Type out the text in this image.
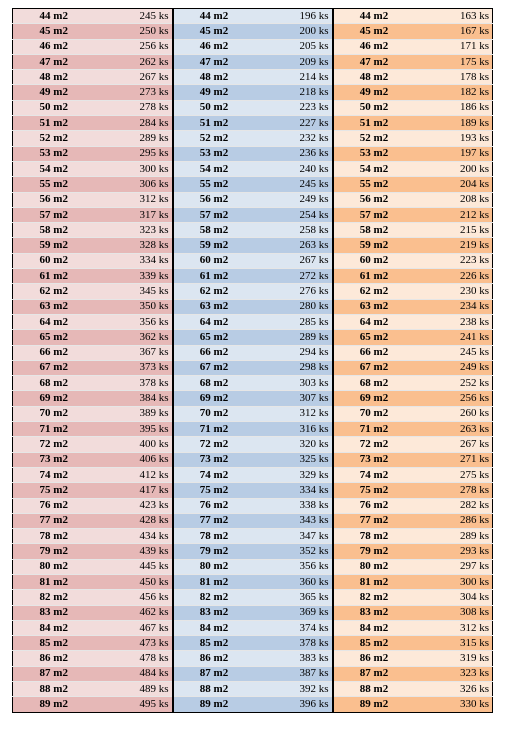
44 m2	245 ks	44 m2	196 ks	44 m2	163 ks
45 m2	250 ks	45 m2	200 ks	45 m2	167 ks
46 m2	256 ks	46 m2	205 ks	46 m2	171 ks
47 m2	262 ks	47 m2	209 ks	47 m2	175 ks
48 m2	267 ks	48 m2	214 ks	48 m2	178 ks
49 m2	273 ks	49 m2	218 ks	49 m2	182 ks
50 m2	278 ks	50 m2	223 ks	50 m2	186 ks
51 m2	284 ks	51 m2	227 ks	51 m2	189 ks
52 m2	289 ks	52 m2	232 ks	52 m2	193 ks
53 m2	295 ks	53 m2	236 ks	53 m2	197 ks
54 m2	300 ks	54 m2	240 ks	54 m2	200 ks
55 m2	306 ks	55 m2	245 ks	55 m2	204 ks
56 m2	312 ks	56 m2	249 ks	56 m2	208 ks
57 m2	317 ks	57 m2	254 ks	57 m2	212 ks
58 m2	323 ks	58 m2	258 ks	58 m2	215 ks
59 m2	328 ks	59 m2	263 ks	59 m2	219 ks
60 m2	334 ks	60 m2	267 ks	60 m2	223 ks
61 m2	339 ks	61 m2	272 ks	61 m2	226 ks
62 m2	345 ks	62 m2	276 ks	62 m2	230 ks
63 m2	350 ks	63 m2	280 ks	63 m2	234 ks
64 m2	356 ks	64 m2	285 ks	64 m2	238 ks
65 m2	362 ks	65 m2	289 ks	65 m2	241 ks
66 m2	367 ks	66 m2	294 ks	66 m2	245 ks
67 m2	373 ks	67 m2	298 ks	67 m2	249 ks
68 m2	378 ks	68 m2	303 ks	68 m2	252 ks
69 m2	384 ks	69 m2	307 ks	69 m2	256 ks
70 m2	389 ks	70 m2	312 ks	70 m2	260 ks
71 m2	395 ks	71 m2	316 ks	71 m2	263 ks
72 m2	400 ks	72 m2	320 ks	72 m2	267 ks
73 m2	406 ks	73 m2	325 ks	73 m2	271 ks
74 m2	412 ks	74 m2	329 ks	74 m2	275 ks
75 m2	417 ks	75 m2	334 ks	75 m2	278 ks
76 m2	423 ks	76 m2	338 ks	76 m2	282 ks
77 m2	428 ks	77 m2	343 ks	77 m2	286 ks
78 m2	434 ks	78 m2	347 ks	78 m2	289 ks
79 m2	439 ks	79 m2	352 ks	79 m2	293 ks
80 m2	445 ks	80 m2	356 ks	80 m2	297 ks
81 m2	450 ks	81 m2	360 ks	81 m2	300 ks
82 m2	456 ks	82 m2	365 ks	82 m2	304 ks
83 m2	462 ks	83 m2	369 ks	83 m2	308 ks
84 m2	467 ks	84 m2	374 ks	84 m2	312 ks
85 m2	473 ks	85 m2	378 ks	85 m2	315 ks
86 m2	478 ks	86 m2	383 ks	86 m2	319 ks
87 m2	484 ks	87 m2	387 ks	87 m2	323 ks
88 m2	489 ks	88 m2	392 ks	88 m2	326 ks
89 m2	495 ks	89 m2	396 ks	89 m2	330 ks
